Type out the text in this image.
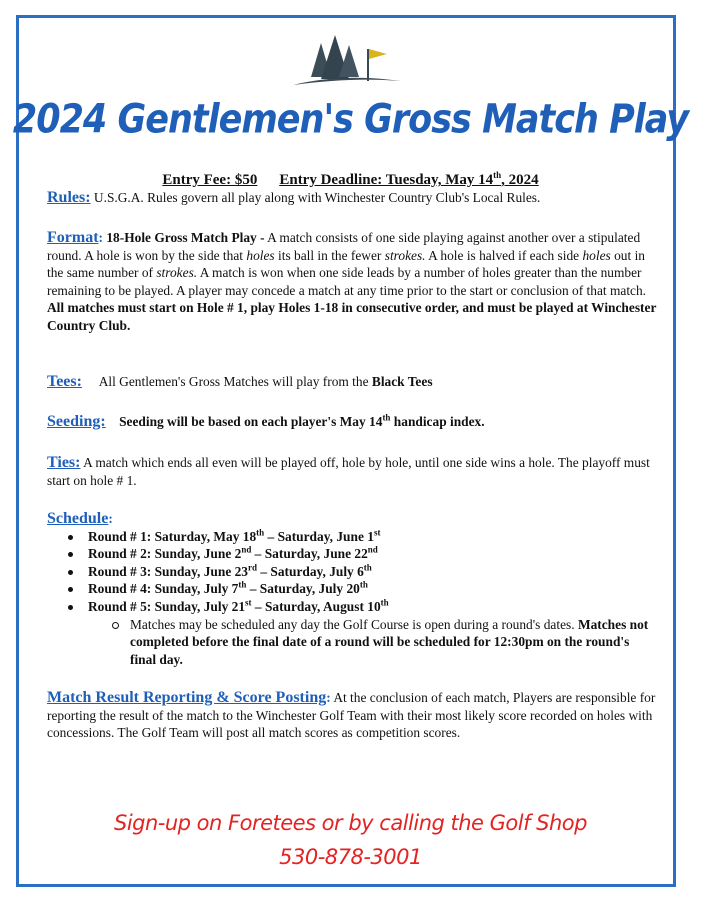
2024 Gentlemen's Gross Match Play
Entry Fee: $50 Entry Deadline: Tuesday, May 14th, 2024
Rules: U.S.G.A. Rules govern all play along with Winchester Country Club's Local Rules.
Format: 18-Hole Gross Match Play - A match consists of one side playing against another over a stipulated round. A hole is won by the side that holes its ball in the fewer strokes. A hole is halved if each side holes out in the same number of strokes. A match is won when one side leads by a number of holes greater than the number remaining to be played. A player may concede a match at any time prior to the start or conclusion of that match. All matches must start on Hole # 1, play Holes 1-18 in consecutive order, and must be played at Winchester Country Club.
Tees: All Gentlemen's Gross Matches will play from the Black Tees
Seeding: Seeding will be based on each player's May 14th handicap index.
Ties: A match which ends all even will be played off, hole by hole, until one side wins a hole. The playoff must start on hole # 1.
Schedule:
Round # 1: Saturday, May 18th – Saturday, June 1st
Round # 2: Sunday, June 2nd – Saturday, June 22nd
Round # 3: Sunday, June 23rd – Saturday, July 6th
Round # 4: Sunday, July 7th – Saturday, July 20th
Round # 5: Sunday, July 21st – Saturday, August 10th
Matches may be scheduled any day the Golf Course is open during a round's dates. Matches not completed before the final date of a round will be scheduled for 12:30pm on the round's final day.
Match Result Reporting & Score Posting: At the conclusion of each match, Players are responsible for reporting the result of the match to the Winchester Golf Team with their most likely score recorded on holes with concessions. The Golf Team will post all match scores as competition scores.
Sign-up on Foretees or by calling the Golf Shop
530-878-3001
